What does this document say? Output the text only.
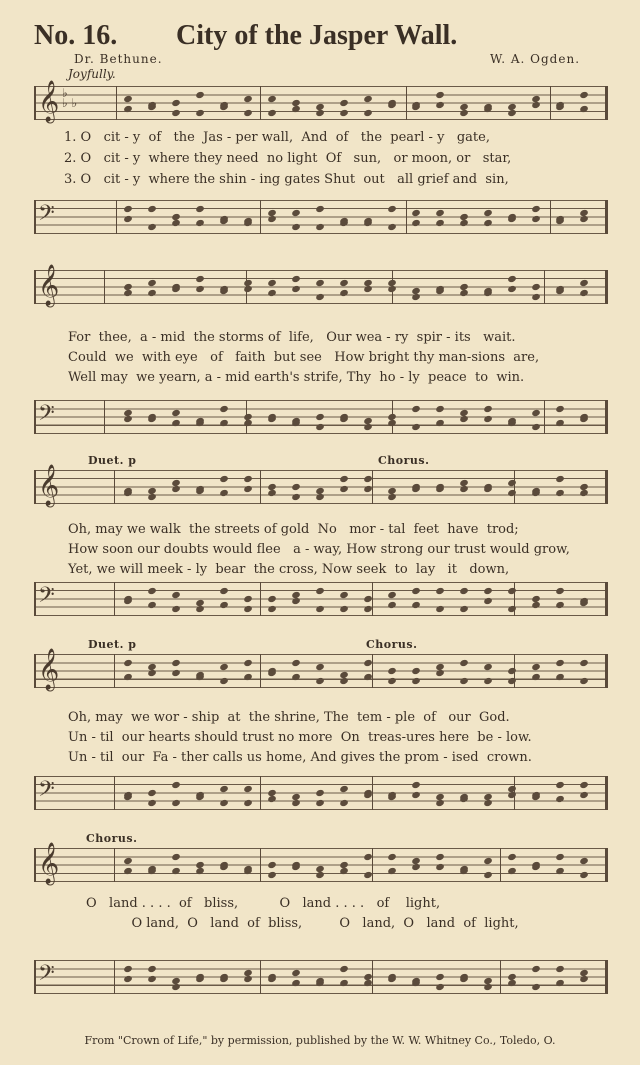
No. 16. City of the Jasper Wall.
Dr. Bethune.	W. A. Ogden.
Joyfully.
𝄞 ♭
♭ ♭
1. O   cit - y  of   the  Jas - per wall,  And  of   the  pearl - y   gate,
2. O   cit - y  where they need  no light  Of   sun,   or moon, or   star,
3. O   cit - y  where the shin - ing gates Shut  out   all grief and  sin,
𝄢
𝄞
For  thee,  a - mid  the storms of  life,   Our wea - ry  spir - its   wait.
Could  we  with eye   of   faith  but see   How bright thy man-sions  are,
Well may  we yearn, a - mid earth's strife, Thy  ho - ly  peace  to  win.
𝄢
Duet. p	Chorus.
𝄞
Oh, may we walk  the streets of gold  No   mor - tal  feet  have  trod;
How soon our doubts would flee   a - way, How strong our trust would grow,
Yet, we will meek - ly  bear  the cross, Now seek  to  lay   it   down,
𝄢
Duet. p	Chorus.
𝄞
Oh, may  we wor - ship  at  the shrine, The  tem - ple  of   our  God.
Un - til  our hearts should trust no more  On  treas-ures here  be - low.
Un - til  our  Fa - ther calls us home, And gives the prom - ised  crown.
𝄢
Chorus.
𝄞
O   land . . . .  of   bliss,          O   land . . . .   of    light,
O land,  O   land  of  bliss,         O   land,  O   land  of  light,
𝄢
From "Crown of Life," by permission, published by the W. W. Whitney Co., Toledo, O.
